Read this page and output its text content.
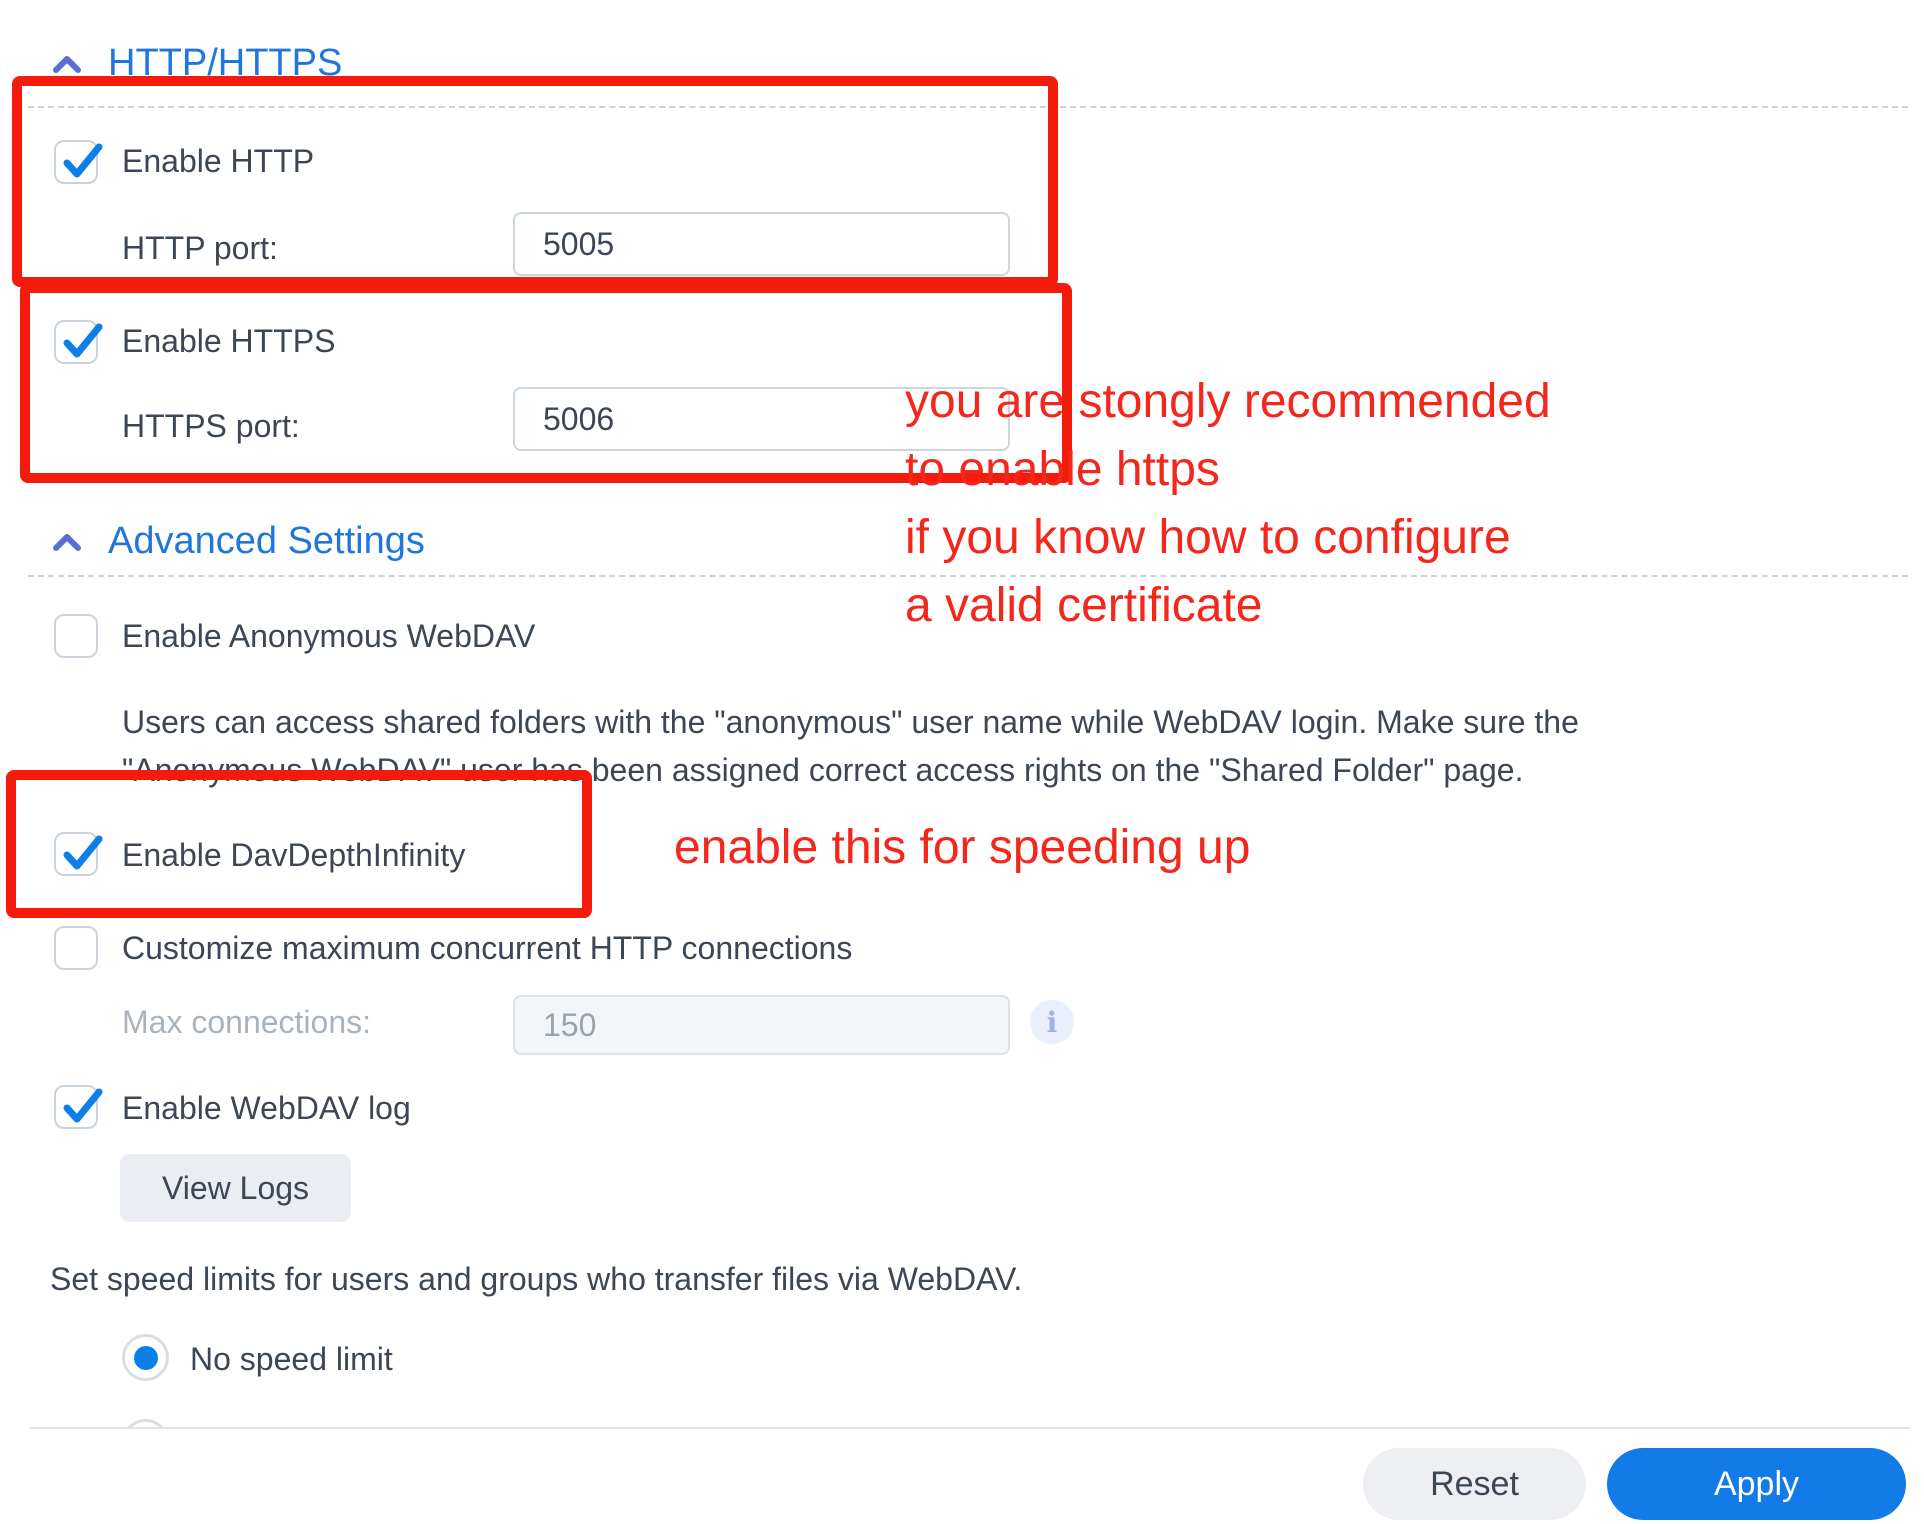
HTTP/HTTPS
Enable HTTP
HTTP port:
5005
Enable HTTPS
HTTPS port:
5006	you are stongly recommended
to enable https
if you know how to configure
a valid certificate
Advanced Settings
Enable Anonymous WebDAV
Users can access shared folders with the "anonymous" user name while WebDAV login. Make sure the
"Anonymous WebDAV" user has been assigned correct access rights on the "Shared Folder" page.
Enable DavDepthInfinity	enable this for speeding up
Customize maximum concurrent HTTP connections
Max connections:
150	i
Enable WebDAV log
View Logs
Set speed limits for users and groups who transfer files via WebDAV.
No speed limit
Reset	Apply
